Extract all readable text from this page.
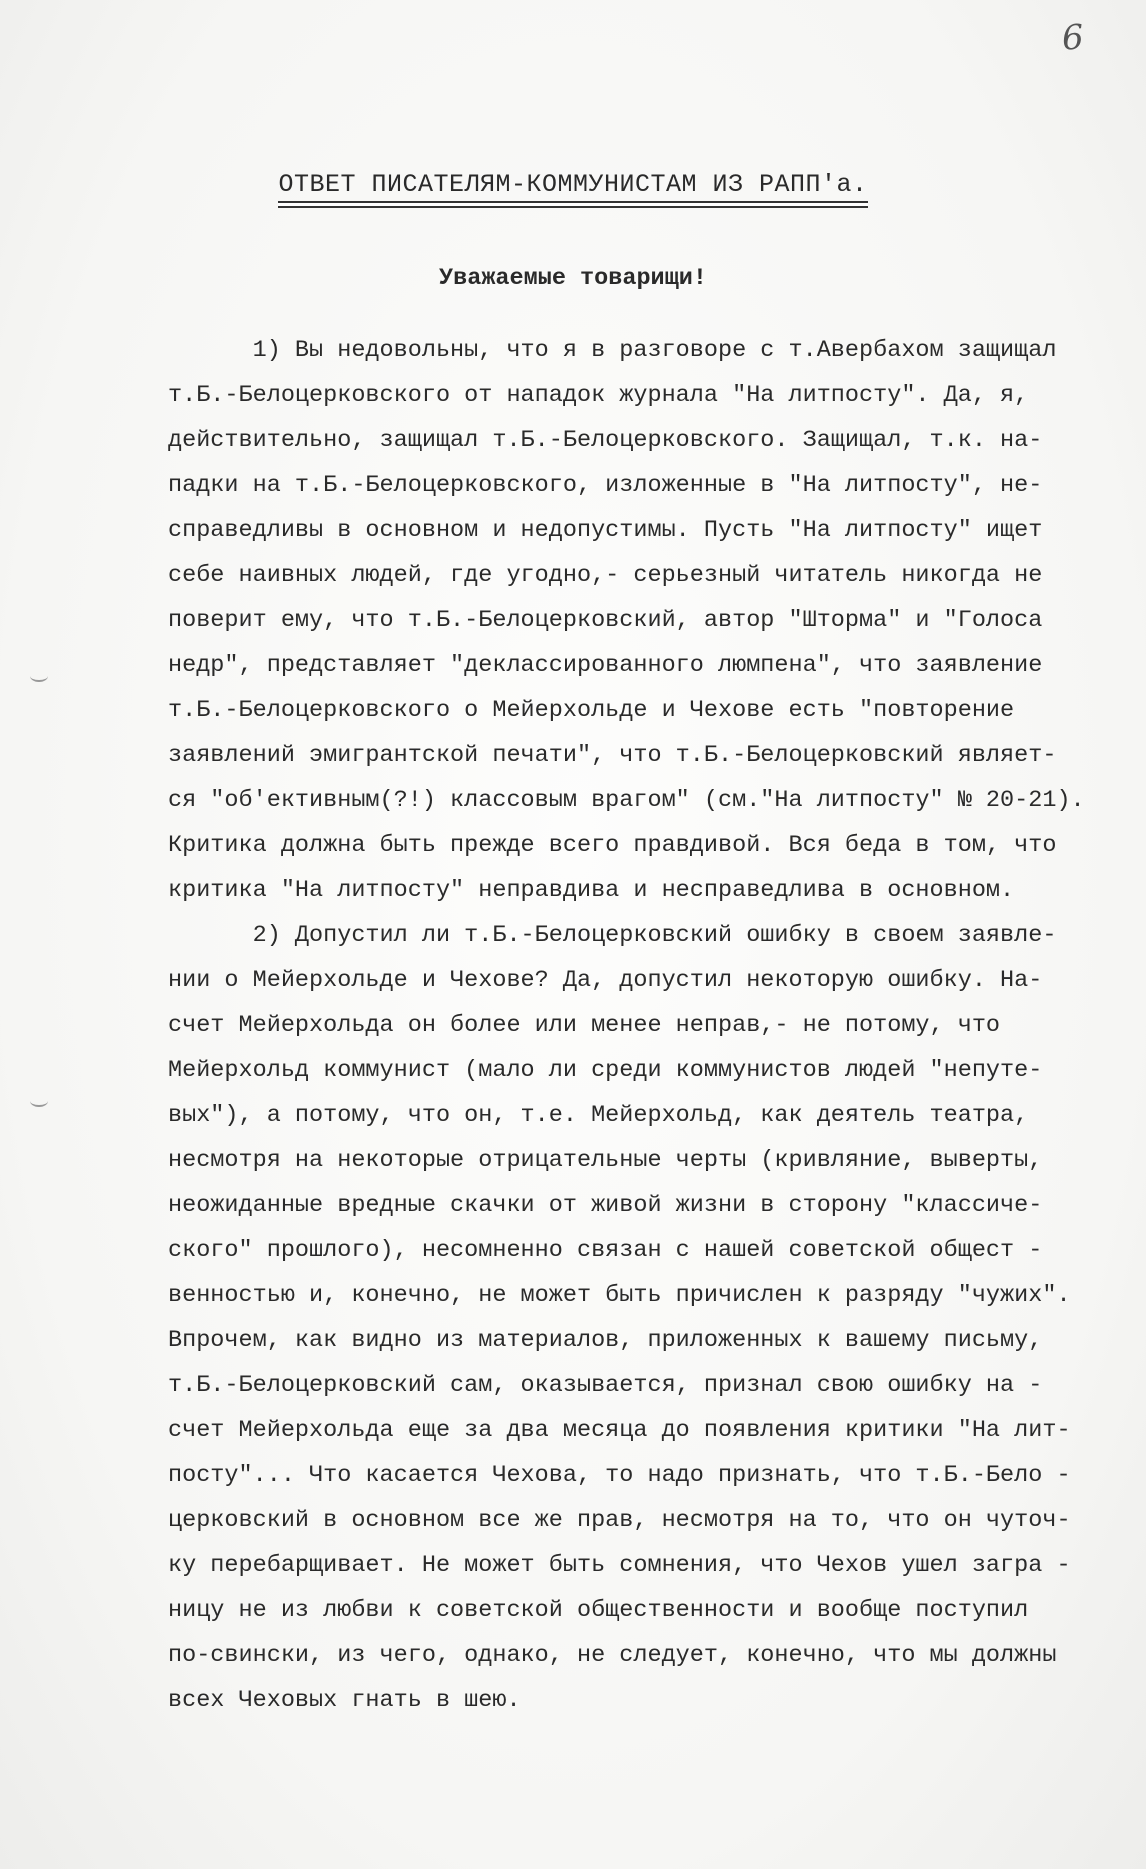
6
ОТВЕТ ПИСАТЕЛЯМ-КОММУНИСТАМ ИЗ РАПП'а.
Уважаемые товарищи!
1) Вы недовольны, что я в разговоре с т.Авербахом защищал
т.Б.-Белоцерковского от нападок журнала "На литпосту". Да, я,
действительно, защищал т.Б.-Белоцерковского. Защищал, т.к. на-
падки на т.Б.-Белоцерковского, изложенные в "На литпосту", не-
справедливы в основном и недопустимы. Пусть "На литпосту" ищет
себе наивных людей, где угодно,- серьезный читатель никогда не
поверит ему, что т.Б.-Белоцерковский, автор "Шторма" и "Голоса
недр", представляет "деклассированного люмпена", что заявление
т.Б.-Белоцерковского о Мейерхольде и Чехове есть "повторение
заявлений эмигрантской печати", что т.Б.-Белоцерковский являет-
ся "об'ективным(?!) классовым врагом" (см."На литпосту" № 20-21).
Критика должна быть прежде всего правдивой. Вся беда в том, что
критика "На литпосту" неправдива и несправедлива в основном.
2) Допустил ли т.Б.-Белоцерковский ошибку в своем заявле-
нии о Мейерхольде и Чехове? Да, допустил некоторую ошибку. На-
счет Мейерхольда он более или менее неправ,- не потому, что
Мейерхольд коммунист (мало ли среди коммунистов людей "непуте-
вых"), а потому, что он, т.е. Мейерхольд, как деятель театра,
несмотря на некоторые отрицательные черты (кривляние, выверты,
неожиданные вредные скачки от живой жизни в сторону "классиче-
ского" прошлого), несомненно связан с нашей советской общест -
венностью и, конечно, не может быть причислен к разряду "чужих".
Впрочем, как видно из материалов, приложенных к вашему письму,
т.Б.-Белоцерковский сам, оказывается, признал свою ошибку на -
счет Мейерхольда еще за два месяца до появления критики "На лит-
посту"... Что касается Чехова, то надо признать, что т.Б.-Бело -
церковский в основном все же прав, несмотря на то, что он чуточ-
ку перебарщивает. Не может быть сомнения, что Чехов ушел загра -
ницу не из любви к советской общественности и вообще поступил
по-свински, из чего, однако, не следует, конечно, что мы должны
всех Чеховых гнать в шею.
